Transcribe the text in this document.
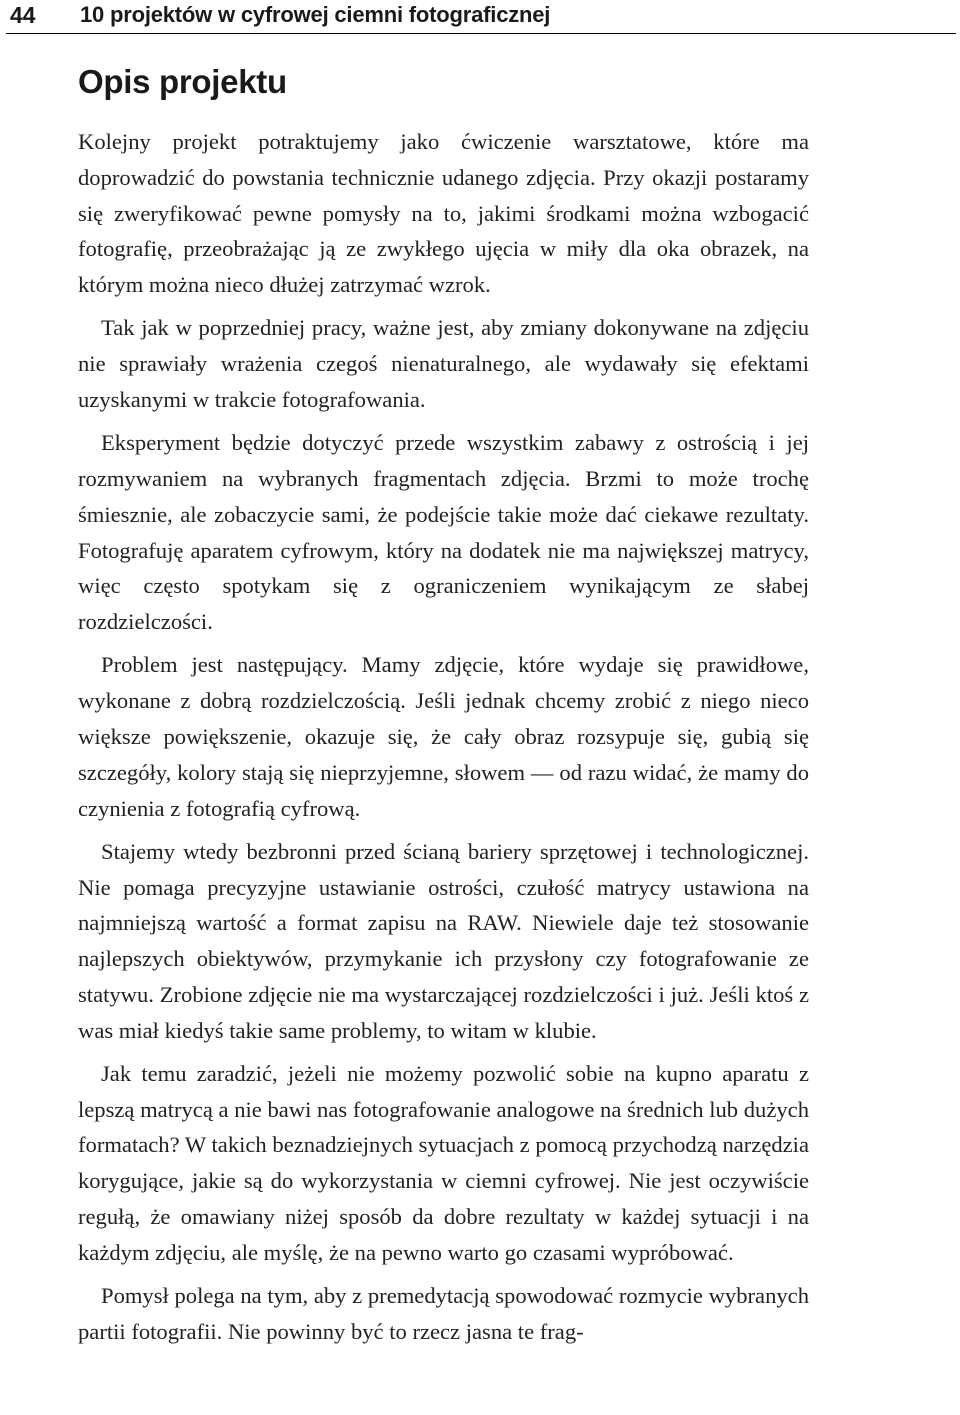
44 10 projektów w cyfrowej ciemni fotograficznej
Opis projektu

Kolejny projekt potraktujemy jako ćwiczenie warsztatowe, które ma doprowadzić do powstania technicznie udanego zdjęcia. Przy okazji postaramy się zweryfikować pewne pomysły na to, jakimi środkami można wzbogacić fotografię, przeobrażając ją ze zwykłego ujęcia w miły dla oka obrazek, na którym można nieco dłużej zatrzymać wzrok.

Tak jak w poprzedniej pracy, ważne jest, aby zmiany dokonywane na zdjęciu nie sprawiały wrażenia czegoś nienaturalnego, ale wydawały się efektami uzyskanymi w trakcie fotografowania.

Eksperyment będzie dotyczyć przede wszystkim zabawy z ostrością i jej rozmywaniem na wybranych fragmentach zdjęcia. Brzmi to może trochę śmiesznie, ale zobaczycie sami, że podejście takie może dać ciekawe rezultaty. Fotografuję aparatem cyfrowym, który na dodatek nie ma największej matrycy, więc często spotykam się z ograniczeniem wynikającym ze słabej rozdzielczości.

Problem jest następujący. Mamy zdjęcie, które wydaje się prawidłowe, wykonane z dobrą rozdzielczością. Jeśli jednak chcemy zrobić z niego nieco większe powiększenie, okazuje się, że cały obraz rozsypuje się, gubią się szczegóły, kolory stają się nieprzyjemne, słowem — od razu widać, że mamy do czynienia z fotografią cyfrową.

Stajemy wtedy bezbronni przed ścianą bariery sprzętowej i technologicznej. Nie pomaga precyzyjne ustawianie ostrości, czułość matrycy ustawiona na najmniejszą wartość a format zapisu na RAW. Niewiele daje też stosowanie najlepszych obiektywów, przymykanie ich przysłony czy fotografowanie ze statywu. Zrobione zdjęcie nie ma wystarczającej rozdzielczości i już. Jeśli ktoś z was miał kiedyś takie same problemy, to witam w klubie.

Jak temu zaradzić, jeżeli nie możemy pozwolić sobie na kupno aparatu z lepszą matrycą a nie bawi nas fotografowanie analogowe na średnich lub dużych formatach? W takich beznadziejnych sytuacjach z pomocą przychodzą narzędzia korygujące, jakie są do wykorzystania w ciemni cyfrowej. Nie jest oczywiście regułą, że omawiany niżej sposób da dobre rezultaty w każdej sytuacji i na każdym zdjęciu, ale myślę, że na pewno warto go czasami wypróbować.

Pomysł polega na tym, aby z premedytacją spowodować rozmycie wybranych partii fotografii. Nie powinny być to rzecz jasna te frag-
